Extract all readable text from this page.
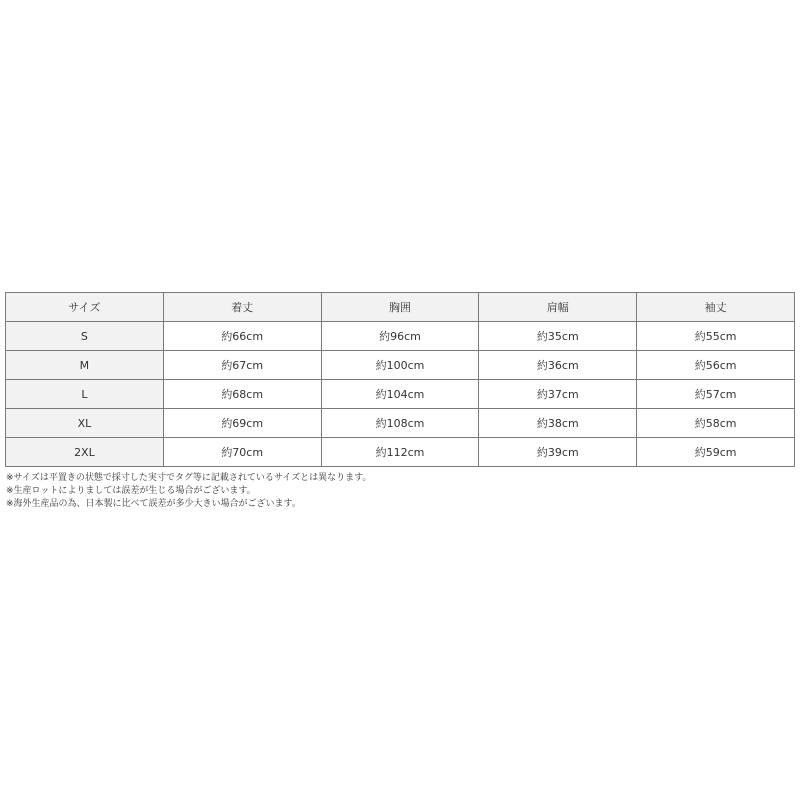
サイズ	着丈	胸囲	肩幅	袖丈
S	約66cm	約96cm	約35cm	約55cm
M	約67cm	約100cm	約36cm	約56cm
L	約68cm	約104cm	約37cm	約57cm
XL	約69cm	約108cm	約38cm	約58cm
2XL	約70cm	約112cm	約39cm	約59cm
※サイズは平置きの状態で採寸した実寸でタグ等に記載されているサイズとは異なります。
※生産ロットによりましては誤差が生じる場合がございます。
※海外生産品の為、日本製に比べて誤差が多少大きい場合がございます。
